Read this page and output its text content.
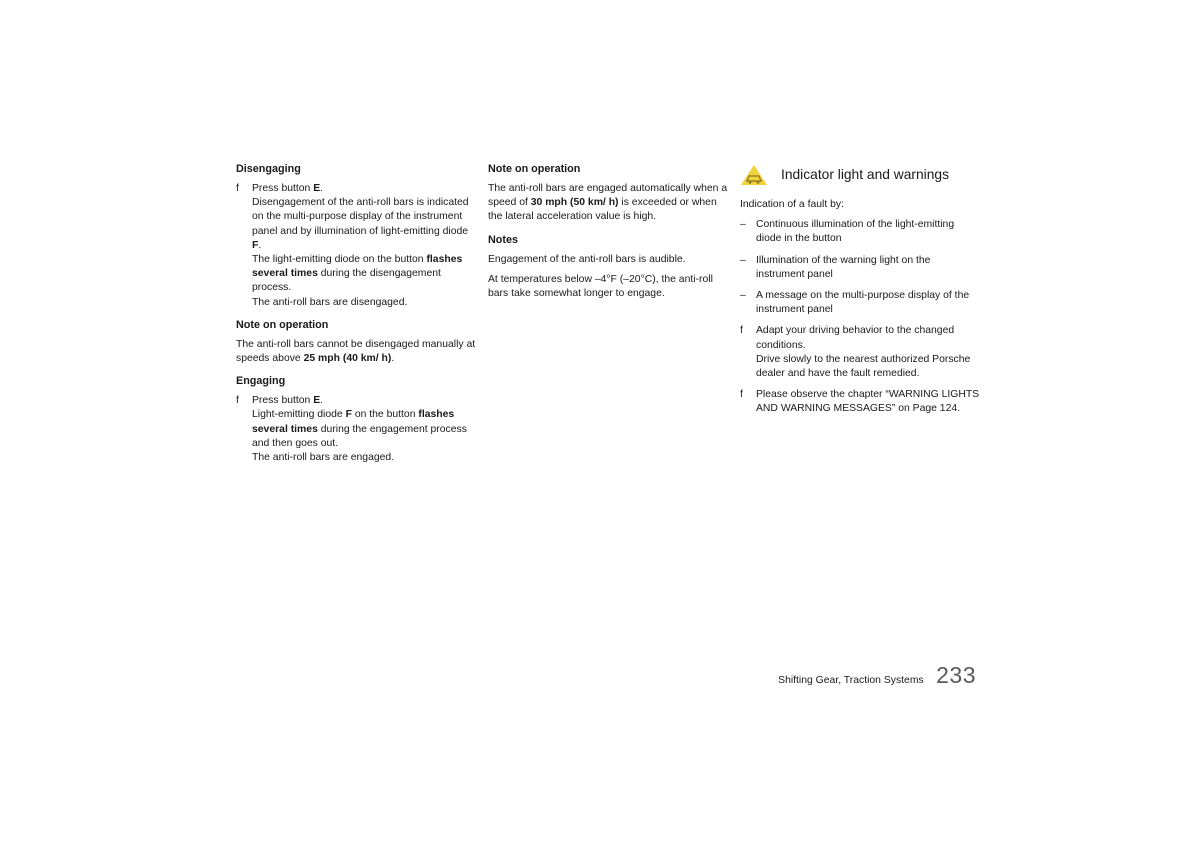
Disengaging
f Press button E.
Disengagement of the anti-roll bars is indicated on the multi-purpose display of the instrument panel and by illumination of light-emitting diode F.
The light-emitting diode on the button flashes several times during the disengagement process.
The anti-roll bars are disengaged.
Note on operation

The anti-roll bars cannot be disengaged manually at speeds above 25 mph (40 km/ h).

Engaging
f Press button E.
Light-emitting diode F on the button flashes several times during the engagement process and then goes out.
The anti-roll bars are engaged.
Note on operation

The anti-roll bars are engaged automatically when a speed of 30 mph (50 km/ h) is exceeded or when the lateral acceleration value is high.

Notes

Engagement of the anti-roll bars is audible.

At temperatures below –4°F (–20°C), the anti-roll bars take somewhat longer to engage.

Indicator light and warnings

Indication of a fault by:

– Continuous illumination of the light-emitting diode in the button
– Illumination of the warning light on the instrument panel
– A message on the multi-purpose display of the instrument panel
f Adapt your driving behavior to the changed conditions.
Drive slowly to the nearest authorized Porsche dealer and have the fault remedied.
f Please observe the chapter “WARNING LIGHTS AND WARNING MESSAGES” on Page 124.
Shifting Gear, Traction Systems 233
